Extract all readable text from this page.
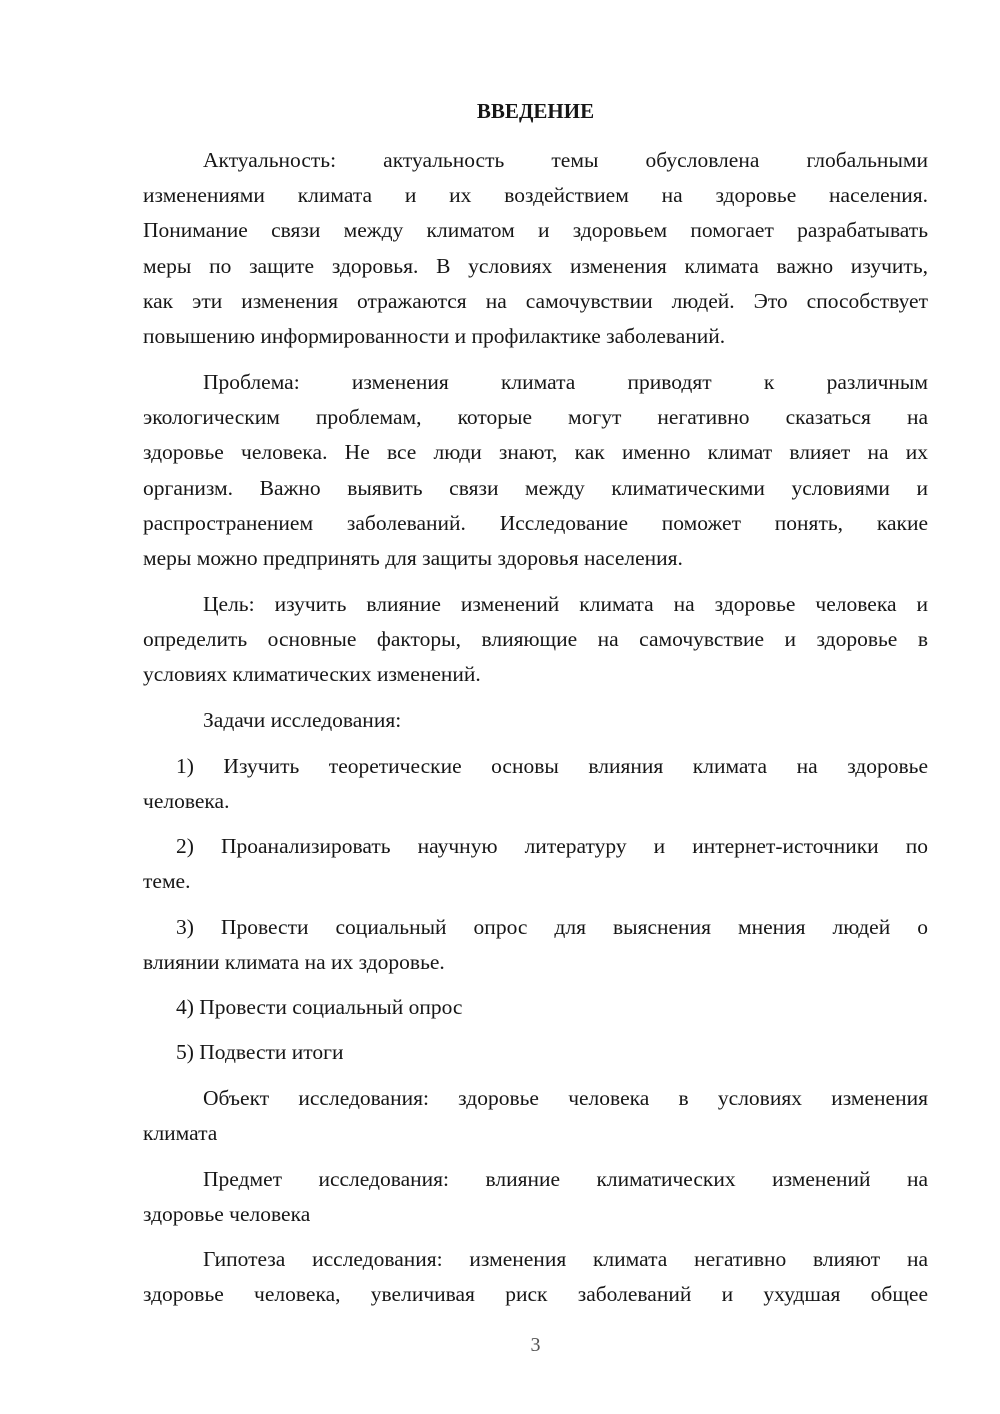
ВВЕДЕНИЕ

Актуальность: актуальность темы обусловлена глобальными
изменениями климата и их воздействием на здоровье населения.
Понимание связи между климатом и здоровьем помогает разрабатывать
меры по защите здоровья. В условиях изменения климата важно изучить,
как эти изменения отражаются на самочувствии людей. Это способствует
повышению информированности и профилактике заболеваний.

Проблема: изменения климата приводят к различным
экологическим проблемам, которые могут негативно сказаться на
здоровье человека. Не все люди знают, как именно климат влияет на их
организм. Важно выявить связи между климатическими условиями и
распространением заболеваний. Исследование поможет понять, какие
меры можно предпринять для защиты здоровья населения.

Цель: изучить влияние изменений климата на здоровье человека и
определить основные факторы, влияющие на самочувствие и здоровье в
условиях климатических изменений.

Задачи исследования:

1) Изучить теоретические основы влияния климата на здоровье
человека.

2) Проанализировать научную литературу и интернет-источники по
теме.

3) Провести социальный опрос для выяснения мнения людей о
влиянии климата на их здоровье.

4) Провести социальный опрос

5) Подвести итоги

Объект исследования: здоровье человека в условиях изменения
климата

Предмет исследования: влияние климатических изменений на
здоровье человека

Гипотеза исследования: изменения климата негативно влияют на
здоровье человека, увеличивая риск заболеваний и ухудшая общее

3
